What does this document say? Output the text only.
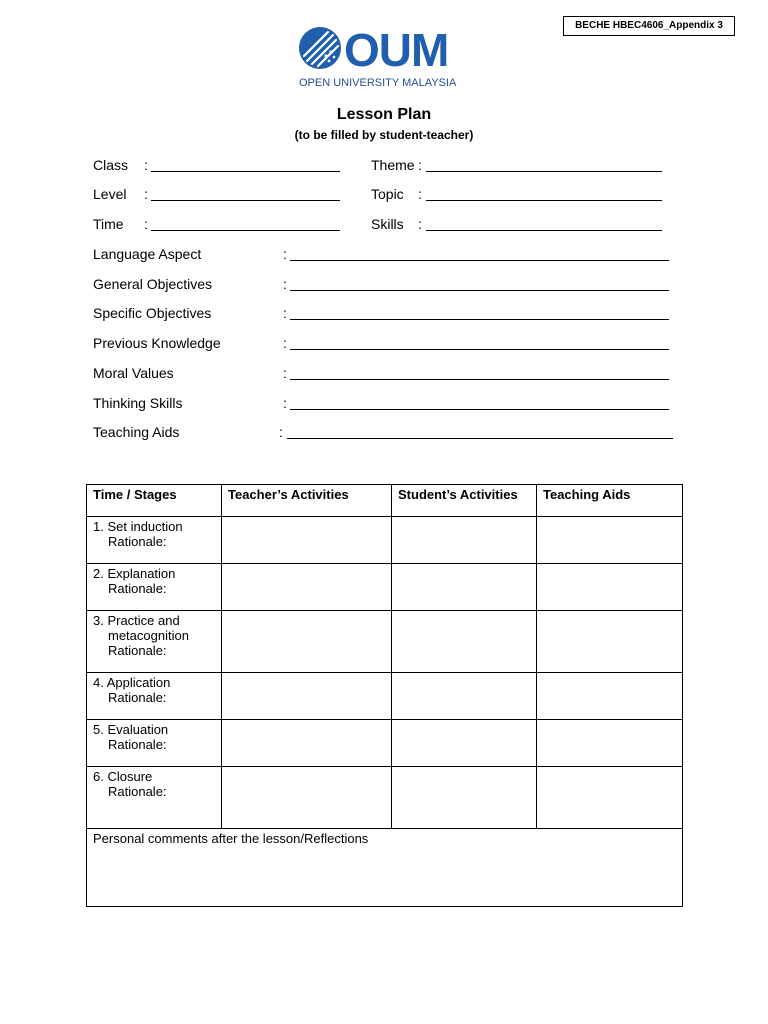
BECHE HBEC4606_Appendix 3
OUM
OPEN UNIVERSITY MALAYSIA
Lesson Plan
(to be filled by student-teacher)
Class :
Level :
Time :
Theme :
Topic :
Skills :
Language Aspect	:
General Objectives	:
Specific Objectives	:
Previous Knowledge	:
Moral Values	:
Thinking Skills	:
Teaching Aids	:
Time / Stages	Teacher’s Activities	Student’s Activities	Teaching Aids
1. Set induction
Rationale:			

2. Explanation
Rationale:			

3. Practice and
metacognition
Rationale:			

4. Application
Rationale:			

5. Evaluation
Rationale:			

6. Closure
Rationale:			

Personal comments after the lesson/Reflections			
